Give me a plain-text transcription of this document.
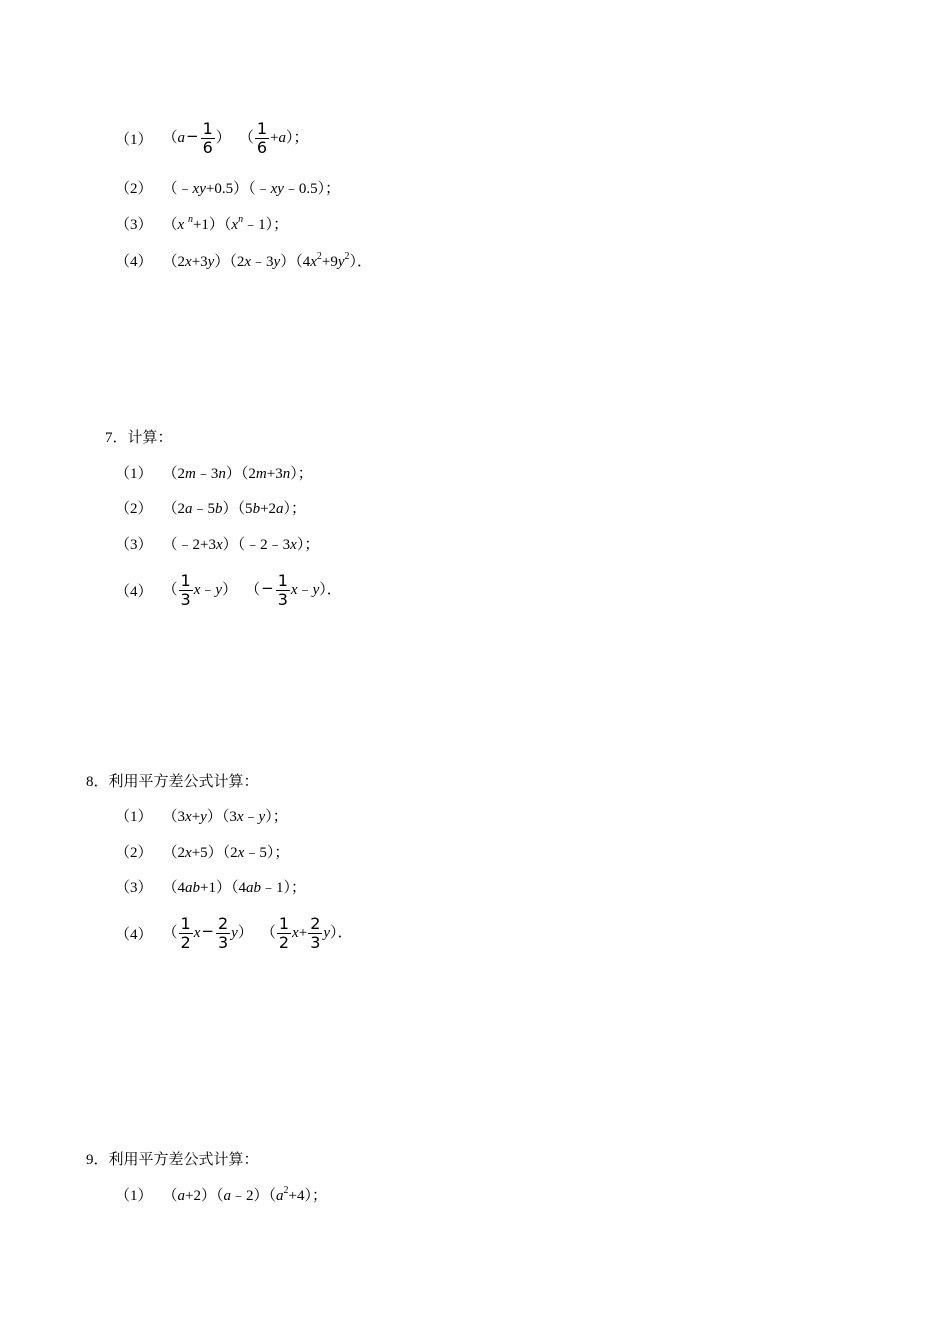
（1） （$a- \frac{1}{6}$ ） （ $\frac{1}{6} +a$）；
（2） （﹣xy+0.5）（﹣xy﹣0.5）；
（3） （x $^n+1)(x^n﹣1)$；
（4） $(2x+3y)(2x﹣3y)(4x^2+9y^2)$．
7．计算：
（1） （2m﹣3n）（2m+3n）；
（2） （2a﹣5b）（5b+2a）；
（3） （﹣2+3x）（﹣2﹣3x）；
（4） （ $\frac{1}{3}$ x﹣y） （− $\frac{1}{3}$ x﹣y）．
8．利用平方差公式计算：
（1） （3x+y）（3x﹣y）；
（2） （2x+5）（2x﹣5）；
（3） （4ab+1）（4ab﹣1）；
（4） （ $\frac{1}{2} x- \frac{2}{3} y$） （ $\frac{1}{2} x+ \frac{2}{3} y$）．
9．利用平方差公式计算：
（1） $(a+2)(a﹣2)(a^2+4)$；
